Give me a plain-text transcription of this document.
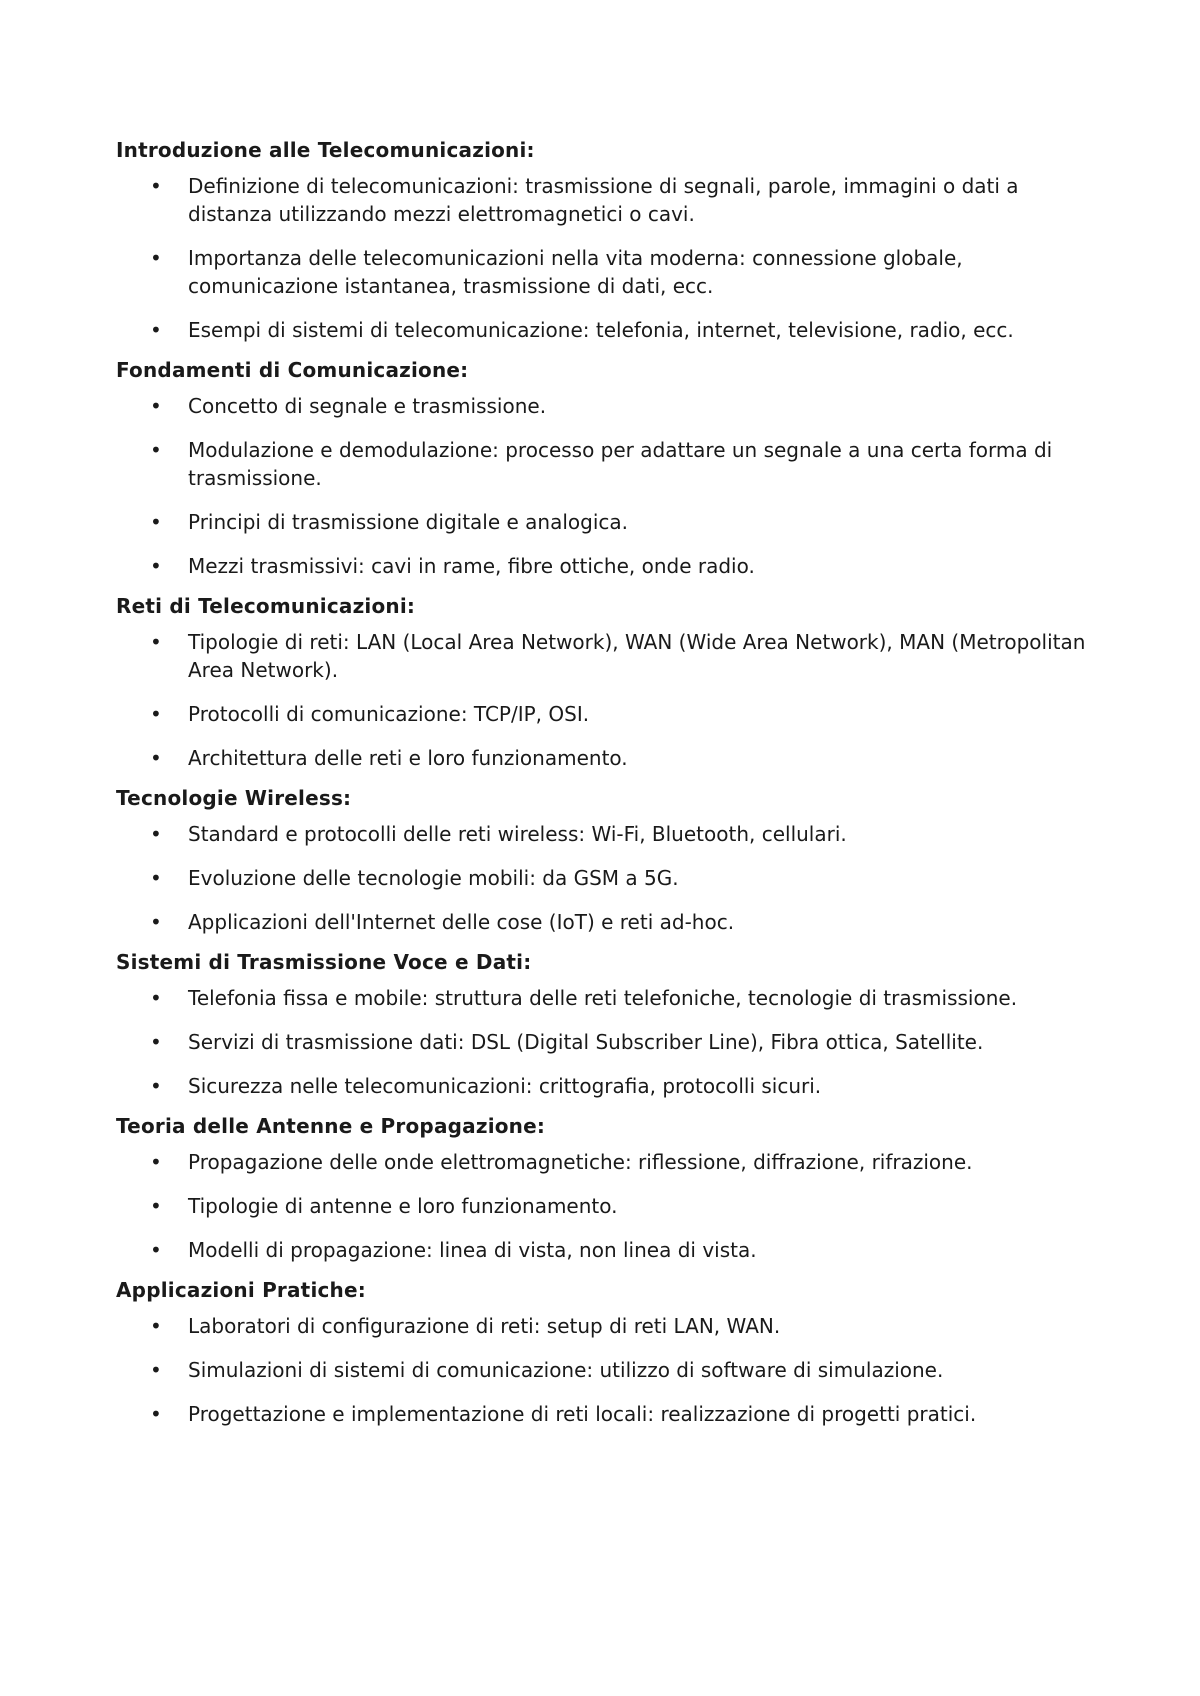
Introduzione alle Telecomunicazioni:
• Definizione di telecomunicazioni: trasmissione di segnali, parole, immagini o dati a distanza utilizzando mezzi elettromagnetici o cavi.
• Importanza delle telecomunicazioni nella vita moderna: connessione globale, comunicazione istantanea, trasmissione di dati, ecc.
• Esempi di sistemi di telecomunicazione: telefonia, internet, televisione, radio, ecc.
Fondamenti di Comunicazione:
• Concetto di segnale e trasmissione.
• Modulazione e demodulazione: processo per adattare un segnale a una certa forma di trasmissione.
• Principi di trasmissione digitale e analogica.
• Mezzi trasmissivi: cavi in rame, fibre ottiche, onde radio.
Reti di Telecomunicazioni:
• Tipologie di reti: LAN (Local Area Network), WAN (Wide Area Network), MAN (Metropolitan Area Network).
• Protocolli di comunicazione: TCP/IP, OSI.
• Architettura delle reti e loro funzionamento.
Tecnologie Wireless:
• Standard e protocolli delle reti wireless: Wi-Fi, Bluetooth, cellulari.
• Evoluzione delle tecnologie mobili: da GSM a 5G.
• Applicazioni dell'Internet delle cose (IoT) e reti ad-hoc.
Sistemi di Trasmissione Voce e Dati:
• Telefonia fissa e mobile: struttura delle reti telefoniche, tecnologie di trasmissione.
• Servizi di trasmissione dati: DSL (Digital Subscriber Line), Fibra ottica, Satellite.
• Sicurezza nelle telecomunicazioni: crittografia, protocolli sicuri.
Teoria delle Antenne e Propagazione:
• Propagazione delle onde elettromagnetiche: riflessione, diffrazione, rifrazione.
• Tipologie di antenne e loro funzionamento.
• Modelli di propagazione: linea di vista, non linea di vista.
Applicazioni Pratiche:
• Laboratori di configurazione di reti: setup di reti LAN, WAN.
• Simulazioni di sistemi di comunicazione: utilizzo di software di simulazione.
• Progettazione e implementazione di reti locali: realizzazione di progetti pratici.
